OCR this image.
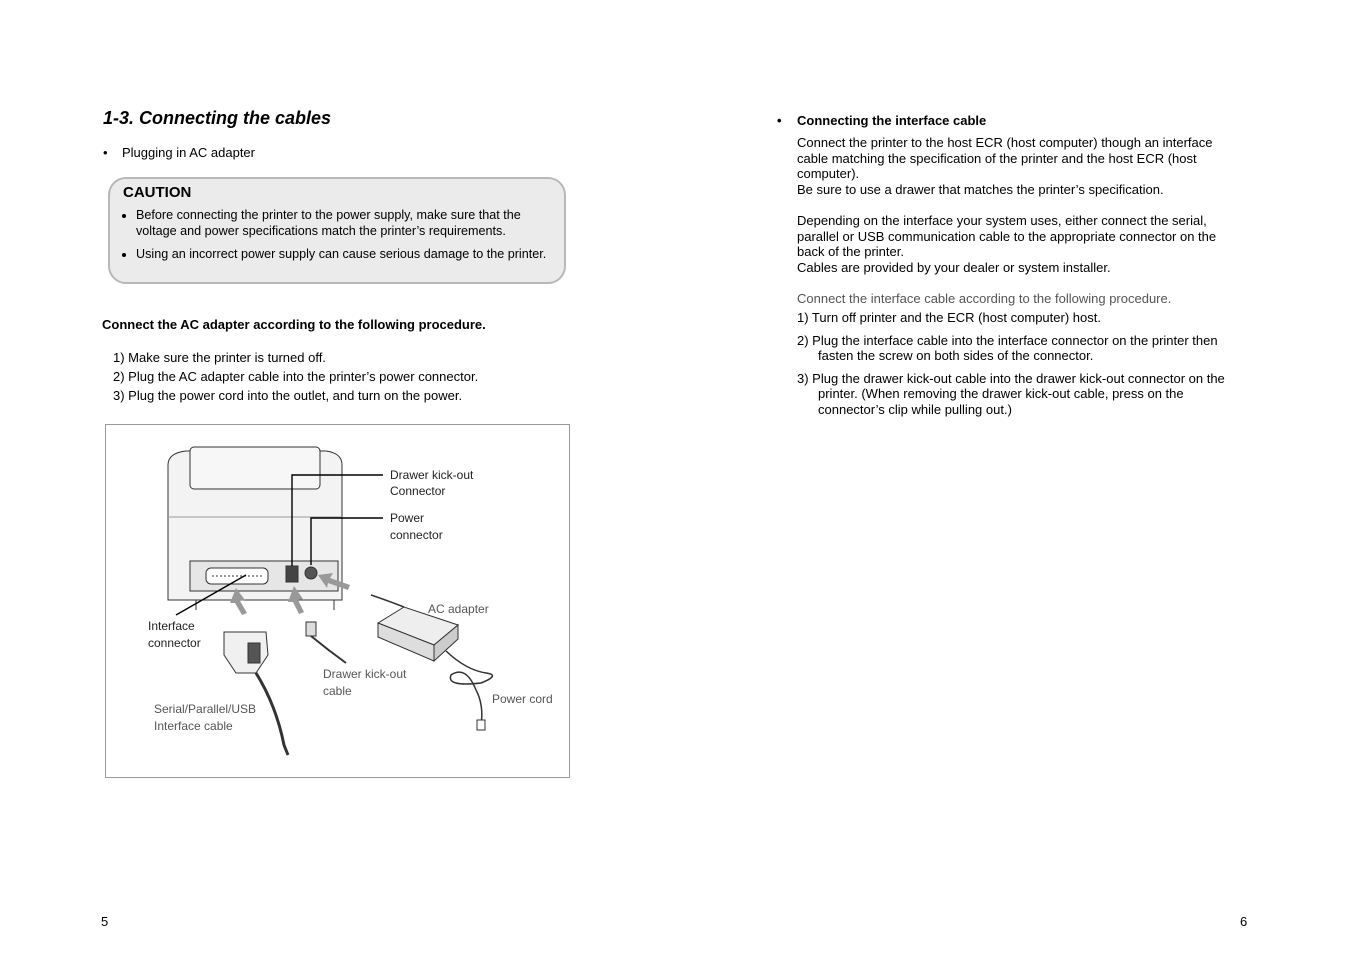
1-3. Connecting the cables
• Plugging in AC adapter
CAUTION
• Before connecting the printer to the power supply, make sure that the voltage and power specifications match the printer’s requirements.
• Using an incorrect power supply can cause serious damage to the printer.
Connect the AC adapter according to the following procedure.
1) Make sure the printer is turned off.
2) Plug the AC adapter cable into the printer’s power connector.
3) Plug the power cord into the outlet, and turn on the power.
Drawer kick-out
Connector
Power
connector
AC adapter
Interface
connector
Drawer kick-out
cable
Power cord
Serial/Parallel/USB
Interface cable
5
• Connecting the interface cable

Connect the printer to the host ECR (host computer) though an interface cable matching the specification of the printer and the host ECR (host computer).

Be sure to use a drawer that matches the printer’s specification.

Depending on the interface your system uses, either connect the serial, parallel or USB communication cable to the appropriate connector on the back of the printer.

Cables are provided by your dealer or system installer.

Connect the interface cable according to the following procedure.
1) Turn off printer and the ECR (host computer) host.
2) Plug the interface cable into the interface connector on the printer then fasten the screw on both sides of the connector.
3) Plug the drawer kick-out cable into the drawer kick-out connector on the printer. (When removing the drawer kick-out cable, press on the connector’s clip while pulling out.)
6
